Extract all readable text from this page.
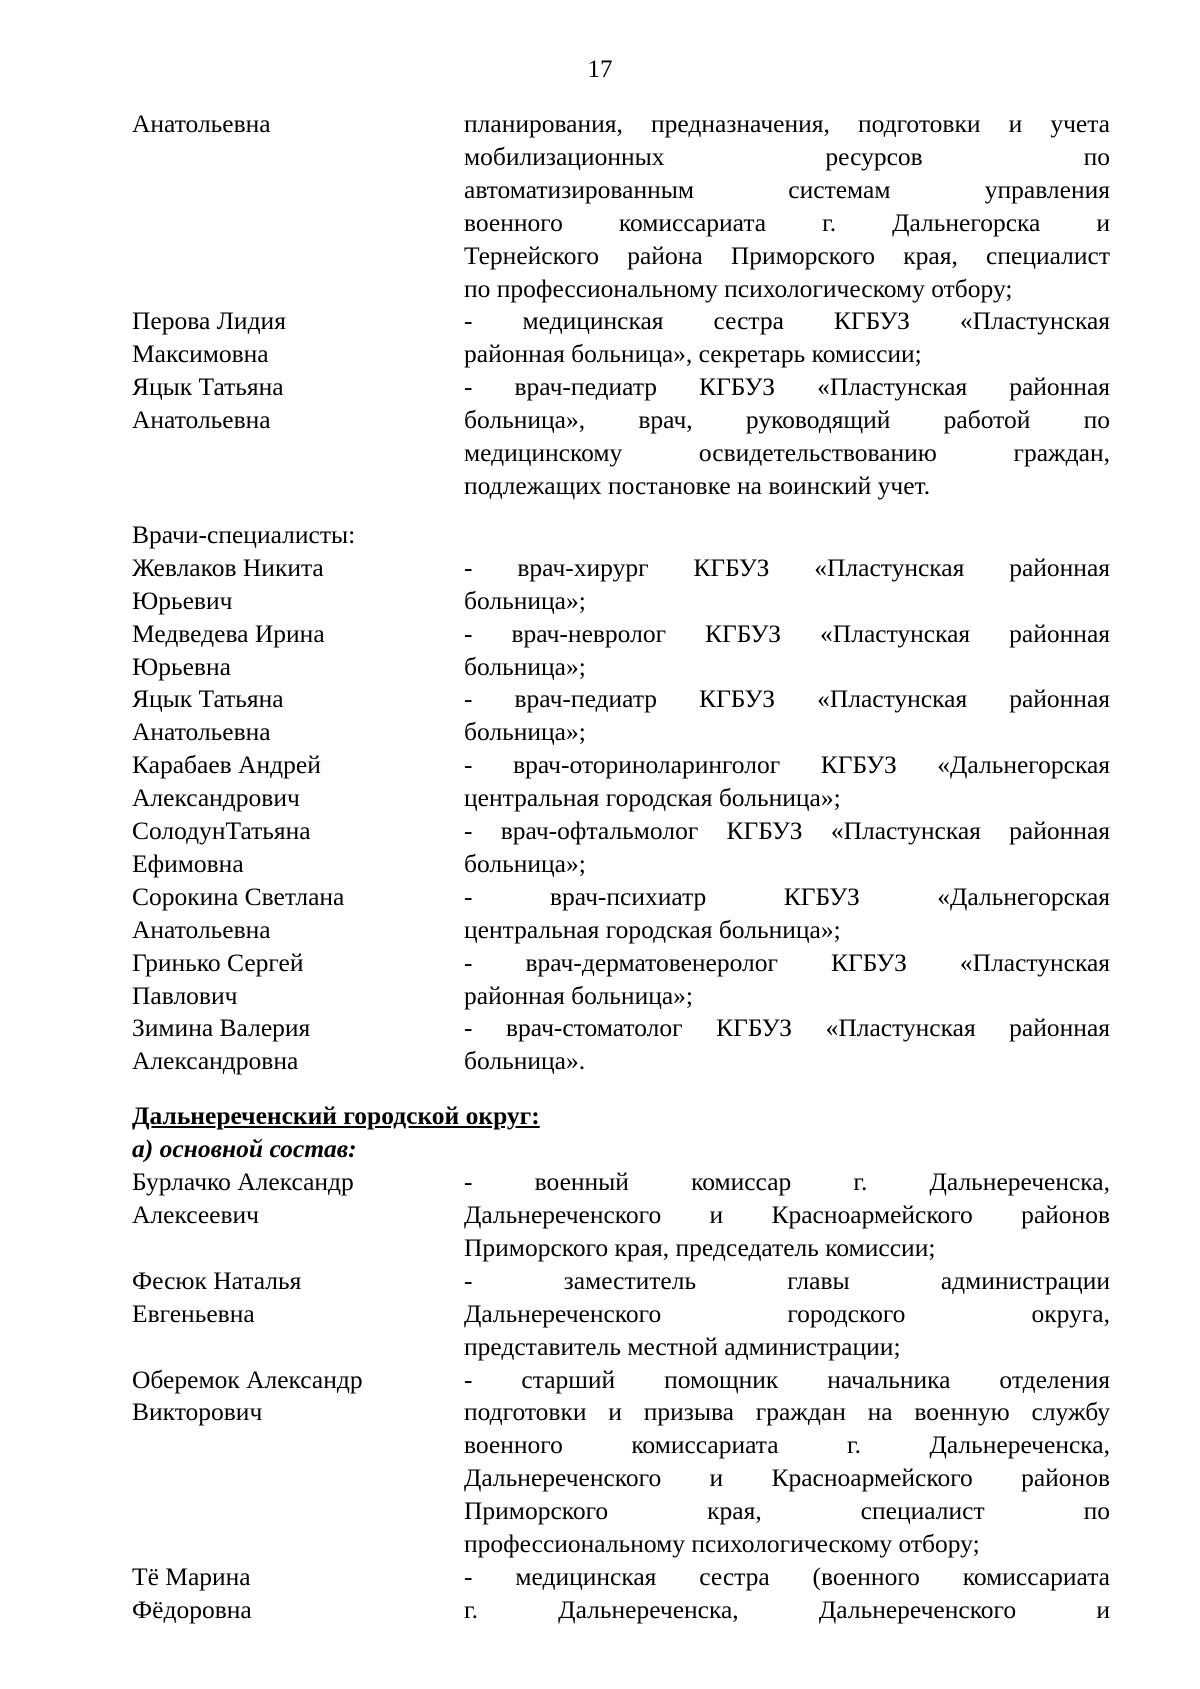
17
Анатольевна	планирования, предназначения, подготовки и учета
мобилизационных ресурсов по
автоматизированным системам управления
военного комиссариата г. Дальнегорска и
Тернейского района Приморского края, специалист
по профессиональному психологическому отбору;
Перова Лидия
Максимовна
- медицинская сестра КГБУЗ «Пластунская
районная больница», секретарь комиссии;
Яцык Татьяна
Анатольевна
- врач-педиатр КГБУЗ «Пластунская районная
больница», врач, руководящий работой по
медицинскому освидетельствованию граждан,
подлежащих постановке на воинский учет.
Врачи-специалисты:
Жевлаков Никита
Юрьевич
- врач-хирург КГБУЗ «Пластунская районная
больница»;
Медведева Ирина
Юрьевна
- врач-невролог КГБУЗ «Пластунская районная
больница»;
Яцык Татьяна
Анатольевна
- врач-педиатр КГБУЗ «Пластунская районная
больница»;
Карабаев Андрей
Александрович
- врач-оториноларинголог КГБУЗ «Дальнегорская
центральная городская больница»;
СолодунТатьяна
Ефимовна
- врач-офтальмолог КГБУЗ «Пластунская районная
больница»;
Сорокина Светлана
Анатольевна
- врач-психиатр КГБУЗ «Дальнегорская
центральная городская больница»;
Гринько Сергей
Павлович
- врач-дерматовенеролог КГБУЗ «Пластунская
районная больница»;
Зимина Валерия
Александровна
- врач-стоматолог КГБУЗ «Пластунская районная
больница».
Дальнереченский городской округ:
а) основной состав:
Бурлачко Александр
Алексеевич
- военный комиссар г. Дальнереченска,
Дальнереченского и Красноармейского районов
Приморского края, председатель комиссии;
Фесюк Наталья
Евгеньевна
- заместитель главы администрации
Дальнереченского городского округа,
представитель местной администрации;
Оберемок Александр
Викторович
- старший помощник начальника отделения
подготовки и призыва граждан на военную службу
военного комиссариата г. Дальнереченска,
Дальнереченского и Красноармейского районов
Приморского края, специалист по
профессиональному психологическому отбору;
Тё Марина
Фёдоровна
- медицинская сестра (военного комиссариата
г. Дальнереченска, Дальнереченского и
